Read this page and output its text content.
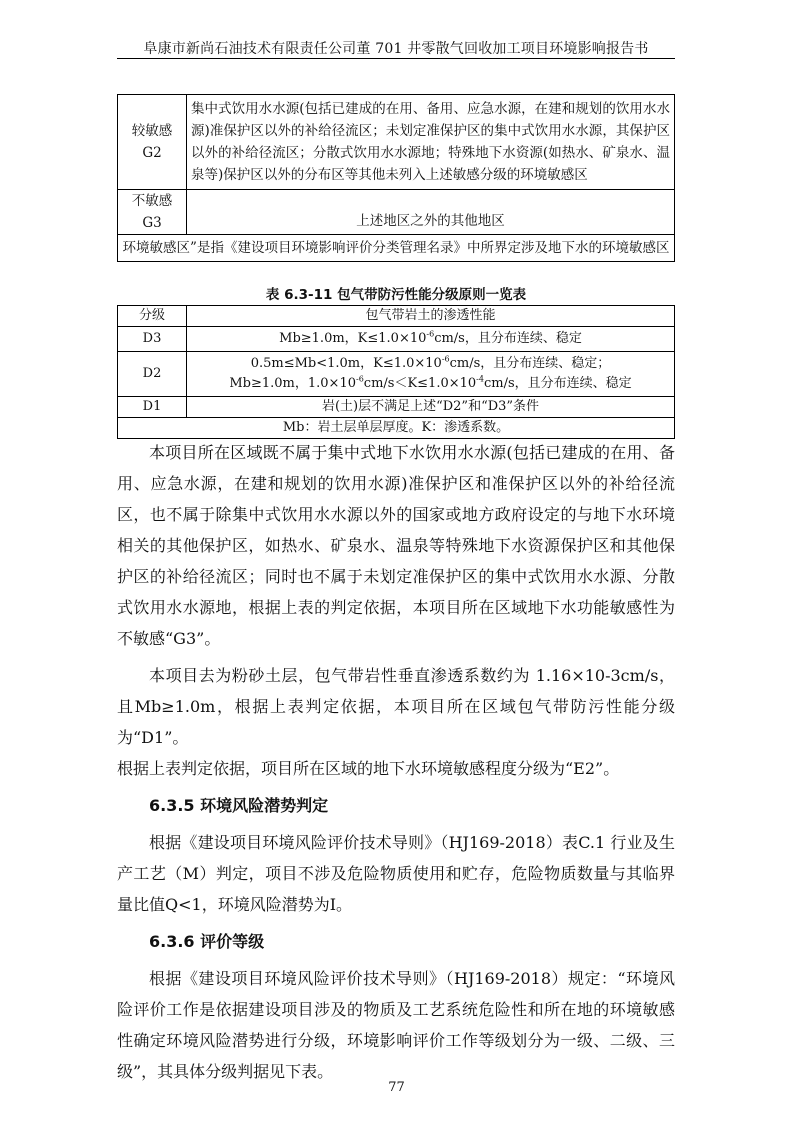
阜康市新尚石油技术有限责任公司董 701 井零散气回收加工项目环境影响报告书
较敏感
G2	集中式饮用水水源(包括已建成的在用、备用、应急水源，在建和规划的饮用水水源)准保护区以外的补给径流区；未划定准保护区的集中式饮用水水源，其保护区以外的补给径流区；分散式饮用水水源地；特殊地下水资源(如热水、矿泉水、温泉等)保护区以外的分布区等其他未列入上述敏感分级的环境敏感区

不敏感
G3	上述地区之外的其他地区
环境敏感区”是指《建设项目环境影响评价分类管理名录》中所界定涉及地下水的环境敏感区	
表 6.3-11 包气带防污性能分级原则一览表
分级	包气带岩土的渗透性能
D3	Mb≥1.0m，$K\le 1.0\times 10^{-6}cm/s$，且分布连续、稳定
D2	0.5m≤Mb<1.0m，$K\le 1.0\times 10^{-6}cm/s$，且分布连续、稳定；
Mb≥1.0m，$1.0\times 10^{-6}cm/s<K\le 1.0\times 10^{-4}cm/s$，且分布连续、稳定

D1	岩(土)层不满足上述“D2”和“D3”条件
Mb：岩土层单层厚度。K：渗透系数。	

本项目所在区域既不属于集中式地下水饮用水水源(包括已建成的在用、备用、应急水源，在建和规划的饮用水源)准保护区和准保护区以外的补给径流区，也不属于除集中式饮用水水源以外的国家或地方政府设定的与地下水环境相关的其他保护区，如热水、矿泉水、温泉等特殊地下水资源保护区和其他保护区的补给径流区；同时也不属于未划定准保护区的集中式饮用水水源、分散式饮用水水源地，根据上表的判定依据，本项目所在区域地下水功能敏感性为不敏感“G3”。

本项目去为粉砂土层，包气带岩性垂直渗透系数约为 1.16×10-3cm/s，且Mb≥1.0m，根据上表判定依据，本项目所在区域包气带防污性能分级为“D1”。

根据上表判定依据，项目所在区域的地下水环境敏感程度分级为“E2”。

6.3.5 环境风险潜势判定

根据《建设项目环境风险评价技术导则》（HJ169-2018）表C.1 行业及生产工艺（M）判定，项目不涉及危险物质使用和贮存，危险物质数量与其临界量比值Q<1，环境风险潜势为I。

6.3.6 评价等级

根据《建设项目环境风险评价技术导则》（HJ169-2018）规定：“环境风险评价工作是依据建设项目涉及的物质及工艺系统危险性和所在地的环境敏感性确定环境风险潜势进行分级，环境影响评价工作等级划分为一级、二级、三级”，其具体分级判据见下表。

77
